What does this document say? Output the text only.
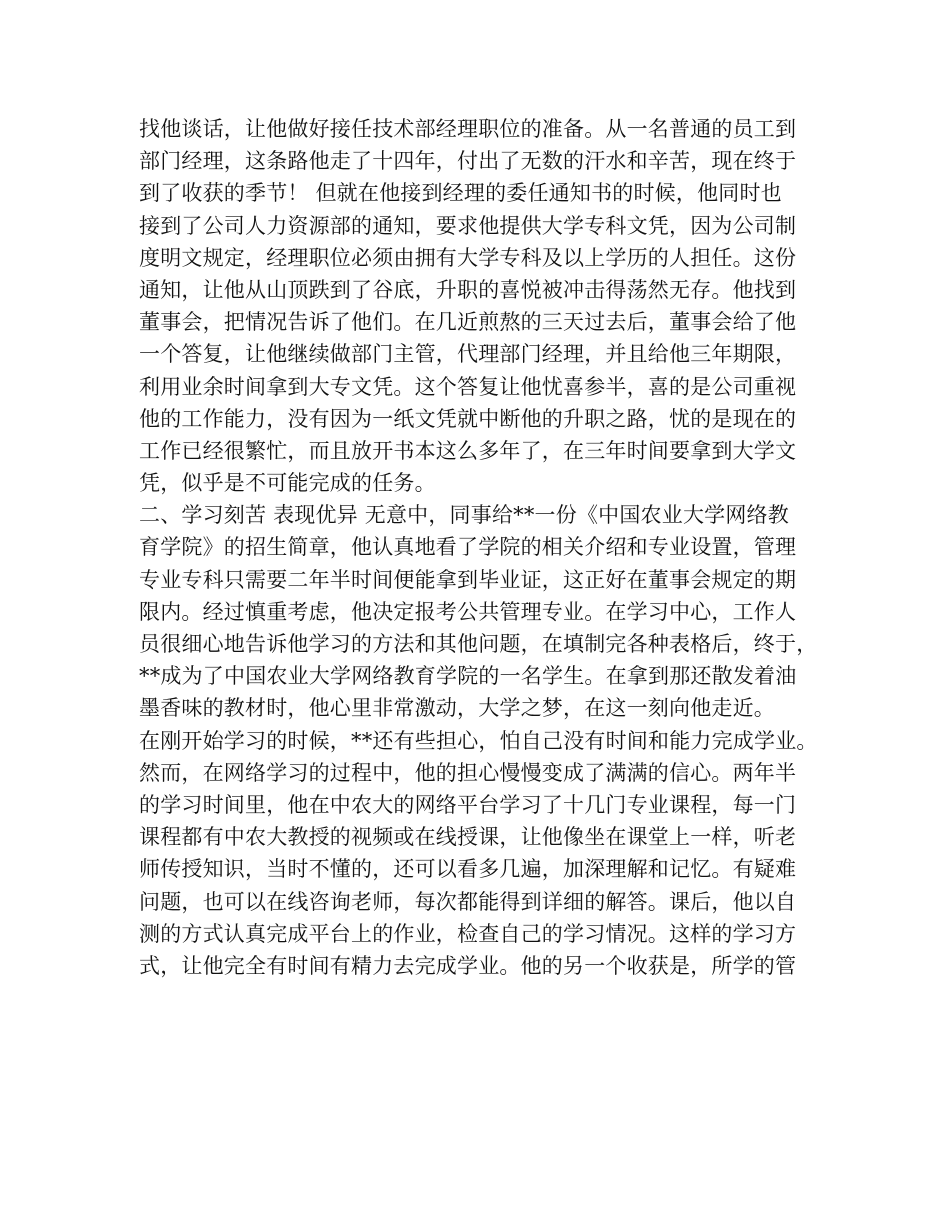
找他谈话，让他做好接任技术部经理职位的准备。从一名普通的员工到
部门经理，这条路他走了十四年，付出了无数的汗水和辛苦，现在终于
到了收获的季节！ 但就在他接到经理的委任通知书的时候，他同时也
接到了公司人力资源部的通知，要求他提供大学专科文凭，因为公司制
度明文规定，经理职位必须由拥有大学专科及以上学历的人担任。这份
通知，让他从山顶跌到了谷底，升职的喜悦被冲击得荡然无存。他找到
董事会，把情况告诉了他们。在几近煎熬的三天过去后，董事会给了他
一个答复，让他继续做部门主管，代理部门经理，并且给他三年期限，
利用业余时间拿到大专文凭。这个答复让他忧喜参半，喜的是公司重视
他的工作能力，没有因为一纸文凭就中断他的升职之路，忧的是现在的
工作已经很繁忙，而且放开书本这么多年了，在三年时间要拿到大学文
凭，似乎是不可能完成的任务。
二、学习刻苦 表现优异 无意中，同事给**一份《中国农业大学网络教
育学院》的招生简章，他认真地看了学院的相关介绍和专业设置，管理
专业专科只需要二年半时间便能拿到毕业证，这正好在董事会规定的期
限内。经过慎重考虑，他决定报考公共管理专业。在学习中心，工作人
员很细心地告诉他学习的方法和其他问题，在填制完各种表格后，终于，
**成为了中国农业大学网络教育学院的一名学生。在拿到那还散发着油
墨香味的教材时，他心里非常激动，大学之梦，在这一刻向他走近。
在刚开始学习的时候，**还有些担心，怕自己没有时间和能力完成学业。
然而，在网络学习的过程中，他的担心慢慢变成了满满的信心。两年半
的学习时间里，他在中农大的网络平台学习了十几门专业课程，每一门
课程都有中农大教授的视频或在线授课，让他像坐在课堂上一样，听老
师传授知识，当时不懂的，还可以看多几遍，加深理解和记忆。有疑难
问题，也可以在线咨询老师，每次都能得到详细的解答。课后，他以自
测的方式认真完成平台上的作业，检查自己的学习情况。这样的学习方
式，让他完全有时间有精力去完成学业。他的另一个收获是，所学的管
